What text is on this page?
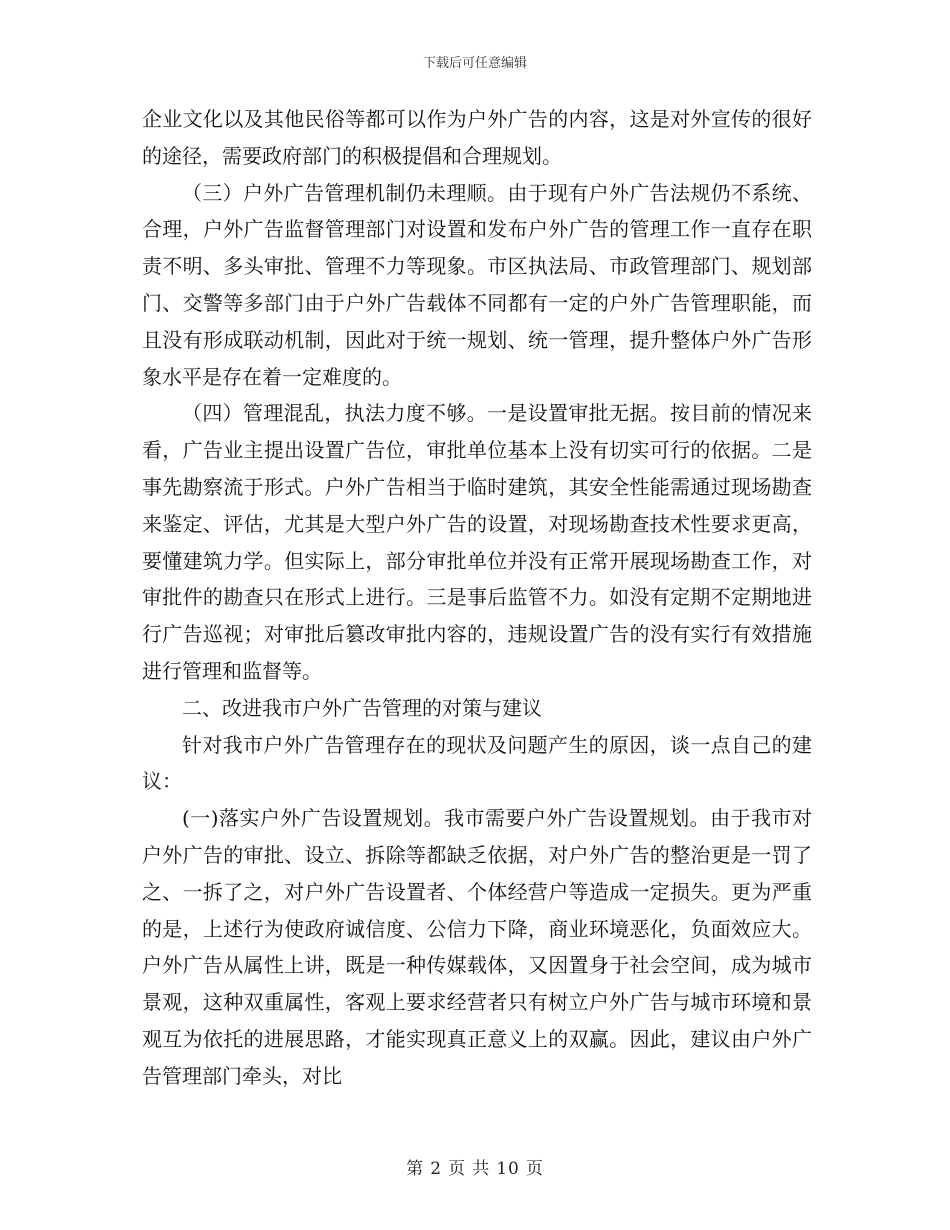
下载后可任意编辑

企业文化以及其他民俗等都可以作为户外广告的内容，这是对外宣传的很好的途径，需要政府部门的积极提倡和合理规划。

（三）户外广告管理机制仍未理顺。由于现有户外广告法规仍不系统、合理，户外广告监督管理部门对设置和发布户外广告的管理工作一直存在职责不明、多头审批、管理不力等现象。市区执法局、市政管理部门、规划部门、交警等多部门由于户外广告载体不同都有一定的户外广告管理职能，而且没有形成联动机制，因此对于统一规划、统一管理，提升整体户外广告形象水平是存在着一定难度的。

（四）管理混乱，执法力度不够。一是设置审批无据。按目前的情况来看，广告业主提出设置广告位，审批单位基本上没有切实可行的依据。二是事先勘察流于形式。户外广告相当于临时建筑，其安全性能需通过现场勘查来鉴定、评估，尤其是大型户外广告的设置，对现场勘查技术性要求更高，要懂建筑力学。但实际上，部分审批单位并没有正常开展现场勘查工作，对审批件的勘查只在形式上进行。三是事后监管不力。如没有定期不定期地进行广告巡视；对审批后篡改审批内容的，违规设置广告的没有实行有效措施进行管理和监督等。

二、改进我市户外广告管理的对策与建议

针对我市户外广告管理存在的现状及问题产生的原因，谈一点自己的建议：

(一)落实户外广告设置规划。我市需要户外广告设置规划。由于我市对户外广告的审批、设立、拆除等都缺乏依据，对户外广告的整治更是一罚了之、一拆了之，对户外广告设置者、个体经营户等造成一定损失。更为严重的是，上述行为使政府诚信度、公信力下降，商业环境恶化，负面效应大。户外广告从属性上讲，既是一种传媒载体，又因置身于社会空间，成为城市景观，这种双重属性，客观上要求经营者只有树立户外广告与城市环境和景观互为依托的进展思路，才能实现真正意义上的双赢。因此，建议由户外广告管理部门牵头，对比

第 2 页 共 10 页
